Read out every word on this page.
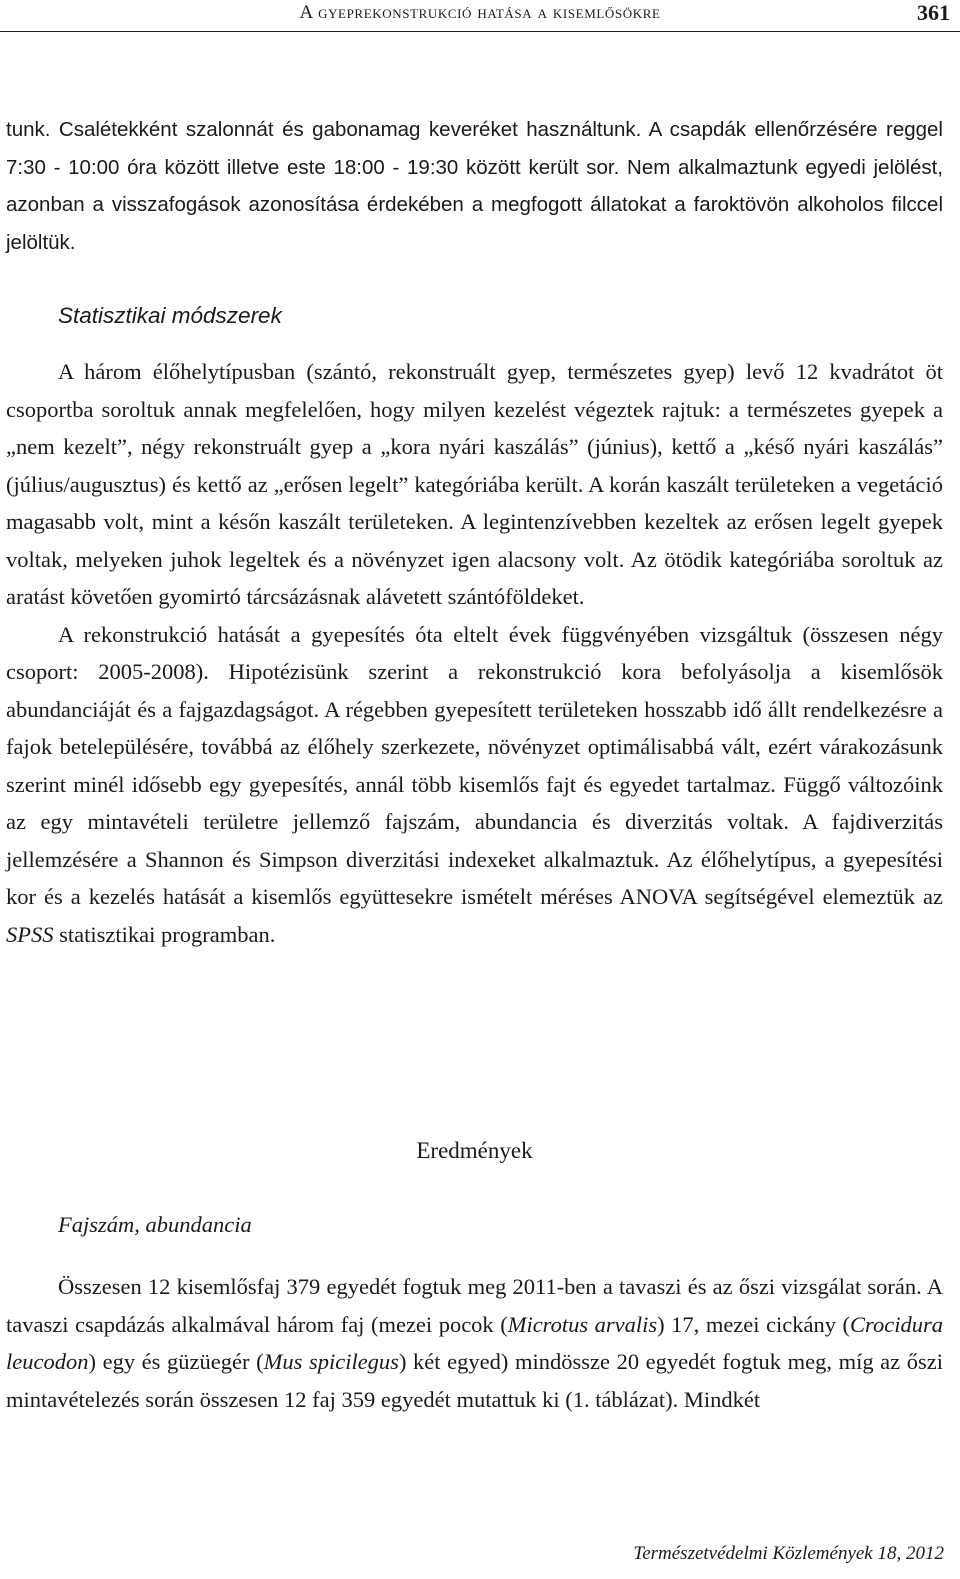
A gyeprekonstrukció hatása a kisemlősökre	361

tunk. Csalétekként szalonnát és gabonamag keveréket használtunk. A csapdák ellenőrzésére reggel 7:30 - 10:00 óra között illetve este 18:00 - 19:30 között került sor. Nem alkalmaztunk egyedi jelölést, azonban a visszafogások azonosítása érdekében a megfogott állatokat a faroktövön alkoholos filccel jelöltük.

Statisztikai módszerek

A három élőhelytípusban (szántó, rekonstruált gyep, természetes gyep) levő 12 kvadrátot öt csoportba soroltuk annak megfelelően, hogy milyen kezelést végeztek rajtuk: a természetes gyepek a „nem kezelt”, négy rekonstruált gyep a „kora nyári kaszálás” (június), kettő a „késő nyári kaszálás” (július/augusztus) és kettő az „erősen legelt” kategóriába került. A korán kaszált területeken a vegetáció magasabb volt, mint a későn kaszált területeken. A legintenzívebben kezeltek az erősen legelt gyepek voltak, melyeken juhok legeltek és a növényzet igen alacsony volt. Az ötödik kategóriába soroltuk az aratást követően gyomirtó tárcsázásnak alávetett szántóföldeket.

A rekonstrukció hatását a gyepesítés óta eltelt évek függvényében vizsgáltuk (összesen négy csoport: 2005-2008). Hipotézisünk szerint a rekonstrukció kora befolyásolja a kisemlősök abundanciáját és a fajgazdagságot. A régebben gyepesített területeken hosszabb idő állt rendelkezésre a fajok betelepülésére, továbbá az élőhely szerkezete, növényzet optimálisabbá vált, ezért várakozásunk szerint minél idősebb egy gyepesítés, annál több kisemlős fajt és egyedet tartalmaz. Függő változóink az egy mintavételi területre jellemző fajszám, abundancia és diverzitás voltak. A fajdiverzitás jellemzésére a Shannon és Simpson diverzitási indexeket alkalmaztuk. Az élőhelytípus, a gyepesítési kor és a kezelés hatását a kisemlős együttesekre ismételt méréses ANOVA segítségével elemeztük az SPSS statisztikai programban.

Eredmények
Fajszám, abundancia

Összesen 12 kisemlősfaj 379 egyedét fogtuk meg 2011-ben a tavaszi és az őszi vizsgálat során. A tavaszi csapdázás alkalmával három faj (mezei pocok (Microtus arvalis) 17, mezei cickány (Crocidura leucodon) egy és güzüegér (Mus spicilegus) két egyed) mindössze 20 egyedét fogtuk meg, míg az őszi mintavételezés során összesen 12 faj 359 egyedét mutattuk ki (1. táblázat). Mindkét

Természetvédelmi Közlemények 18, 2012
